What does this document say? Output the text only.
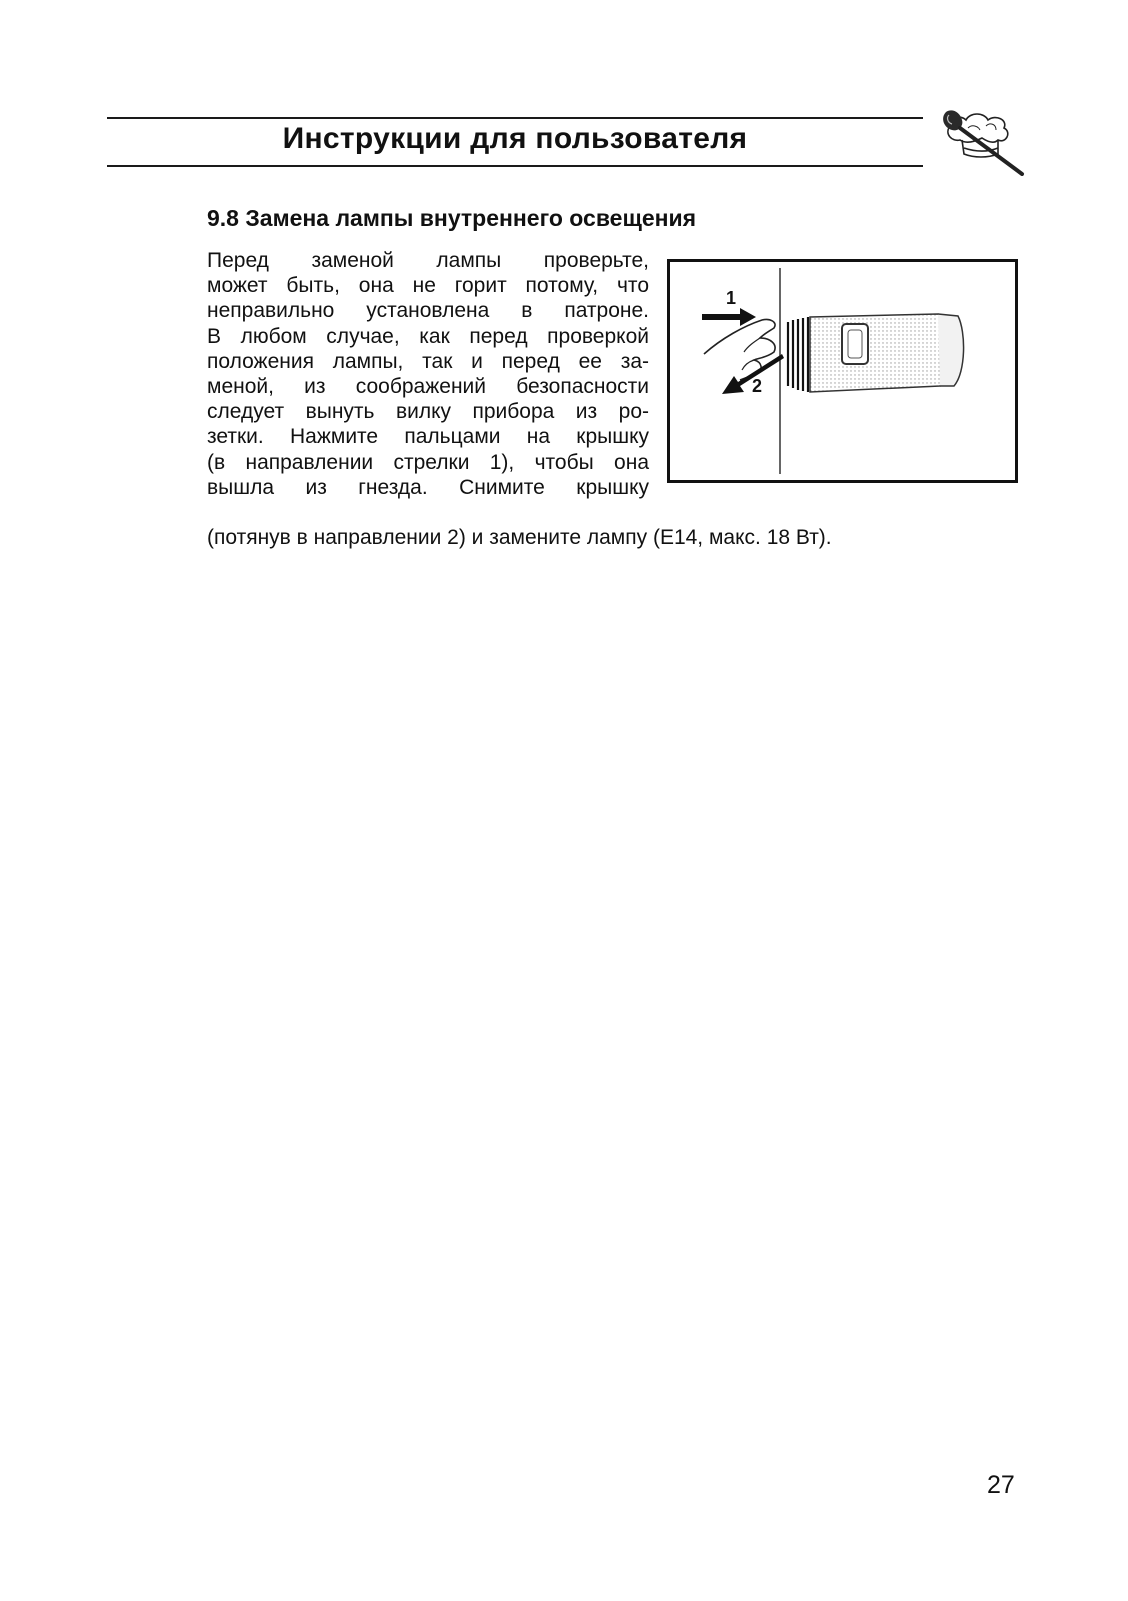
Инструкции для пользователя
9.8 Замена лампы внутреннего освещения
Перед заменой лампы проверьте,
может быть, она не горит потому, что
неправильно установлена в патроне.
В любом случае, как перед проверкой
положения лампы, так и перед ее за-
меной, из соображений безопасности
следует вынуть вилку прибора из ро-
зетки. Нажмите пальцами на крышку
(в направлении стрелки 1), чтобы она
вышла из гнезда. Снимите крышку
(потянув в направлении 2) и замените лампу (E14, макс. 18 Вт).
1
2
27
